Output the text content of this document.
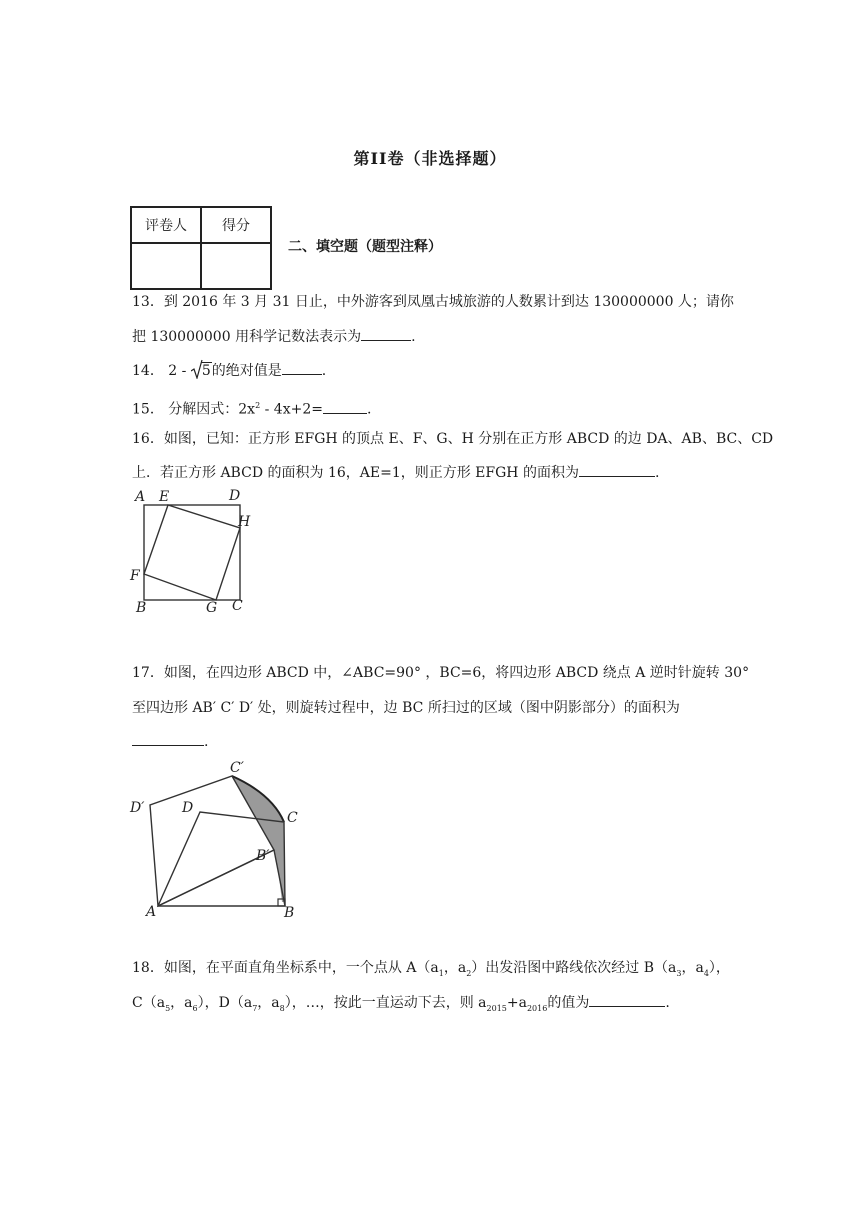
第II卷（非选择题）
评卷人	得分

二、填空题（题型注释）
13．到 2016 年 3 月 31 日止，中外游客到凤凰古城旅游的人数累计到达 130000000 人；请你
把 130000000 用科学记数法表示为	.
14． 2 -
5的绝对值是	.
15． 分解因式：$2x^2 - 4x+2=$	.
16．如图，已知：正方形 EFGH 的顶点 E、F、G、H 分别在正方形 ABCD 的边 DA、AB、BC、CD
上．若正方形 ABCD 的面积为 16，AE=1，则正方形 EFGH 的面积为	.
A E	D
H
F
B	G C
17．如图，在四边形 ABCD 中，∠ABC=90° ，BC=6，将四边形 ABCD 绕点 A 逆时针旋转 30°
至四边形 AB′ C′ D′ 处，则旋转过程中，边 BC 所扫过的区域（图中阴影部分）的面积为
.
C′
D′	D
C
B′
A	B
18．如图，在平面直角坐标系中，一个点从 $A(a_1$，$a_2$）出发沿图中路线依次经过 $B(a_3$，$a_4$），
$C(a_5$，$a_6$），$D(a_7$，$a_8$），…，按此一直运动下去，则 $a_{2015}+a_{2016}$的值为	.
